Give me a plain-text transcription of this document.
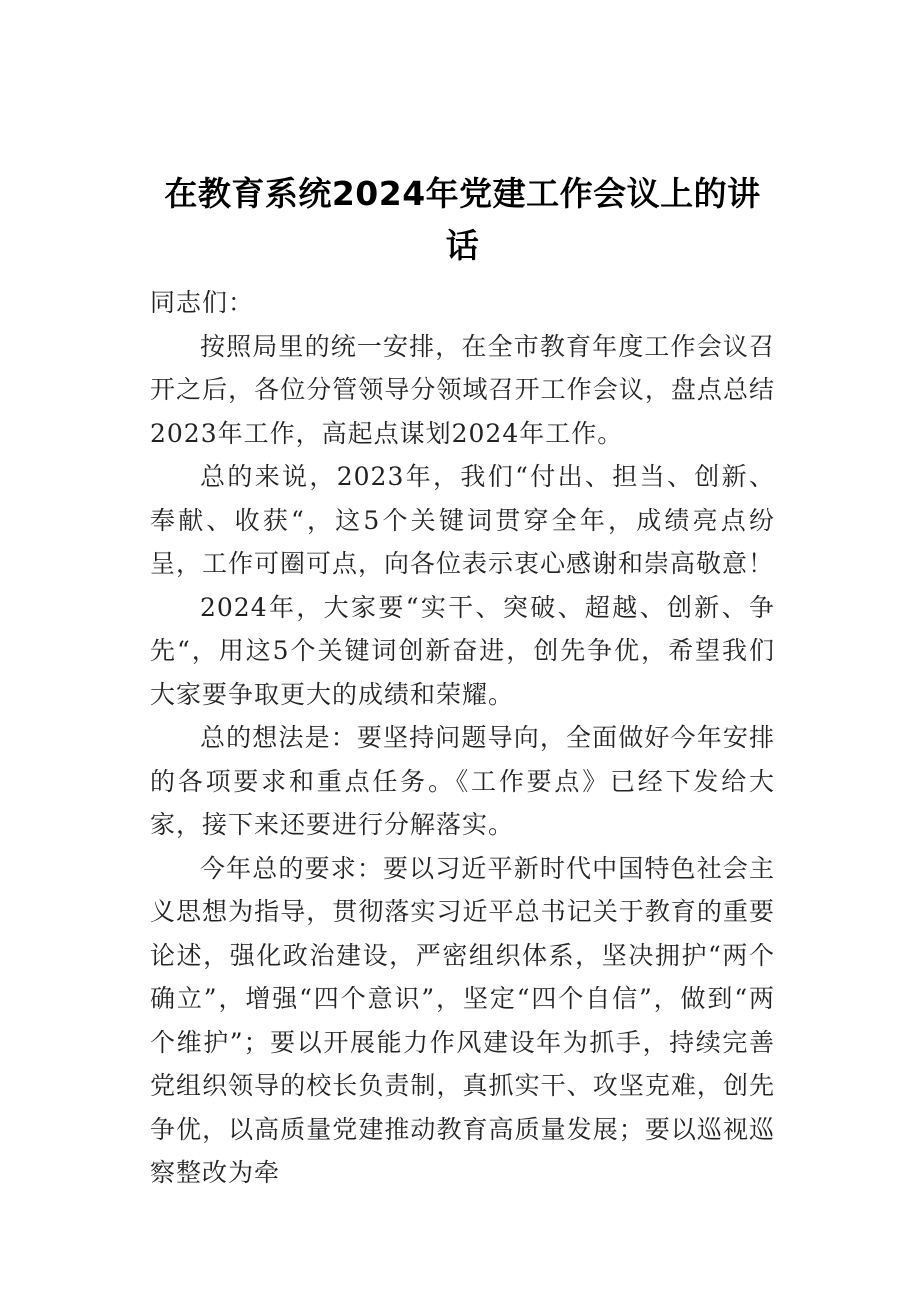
在教育系统2024年党建工作会议上的讲话

同志们：

按照局里的统一安排，在全市教育年度工作会议召开之后，各位分管领导分领域召开工作会议，盘点总结2023年工作，高起点谋划2024年工作。

总的来说，2023年，我们“付出、担当、创新、奉献、收获“，这5个关键词贯穿全年，成绩亮点纷呈，工作可圈可点，向各位表示衷心感谢和崇高敬意！

2024年，大家要“实干、突破、超越、创新、争先“，用这5个关键词创新奋进，创先争优，希望我们大家要争取更大的成绩和荣耀。

总的想法是：要坚持问题导向，全面做好今年安排的各项要求和重点任务。《工作要点》已经下发给大家，接下来还要进行分解落实。

今年总的要求：要以习近平新时代中国特色社会主义思想为指导，贯彻落实习近平总书记关于教育的重要论述，强化政治建设，严密组织体系，坚决拥护“两个确立”，增强“四个意识”，坚定“四个自信”，做到“两个维护”；要以开展能力作风建设年为抓手，持续完善党组织领导的校长负责制，真抓实干、攻坚克难，创先争优，以高质量党建推动教育高质量发展；要以巡视巡察整改为牵
